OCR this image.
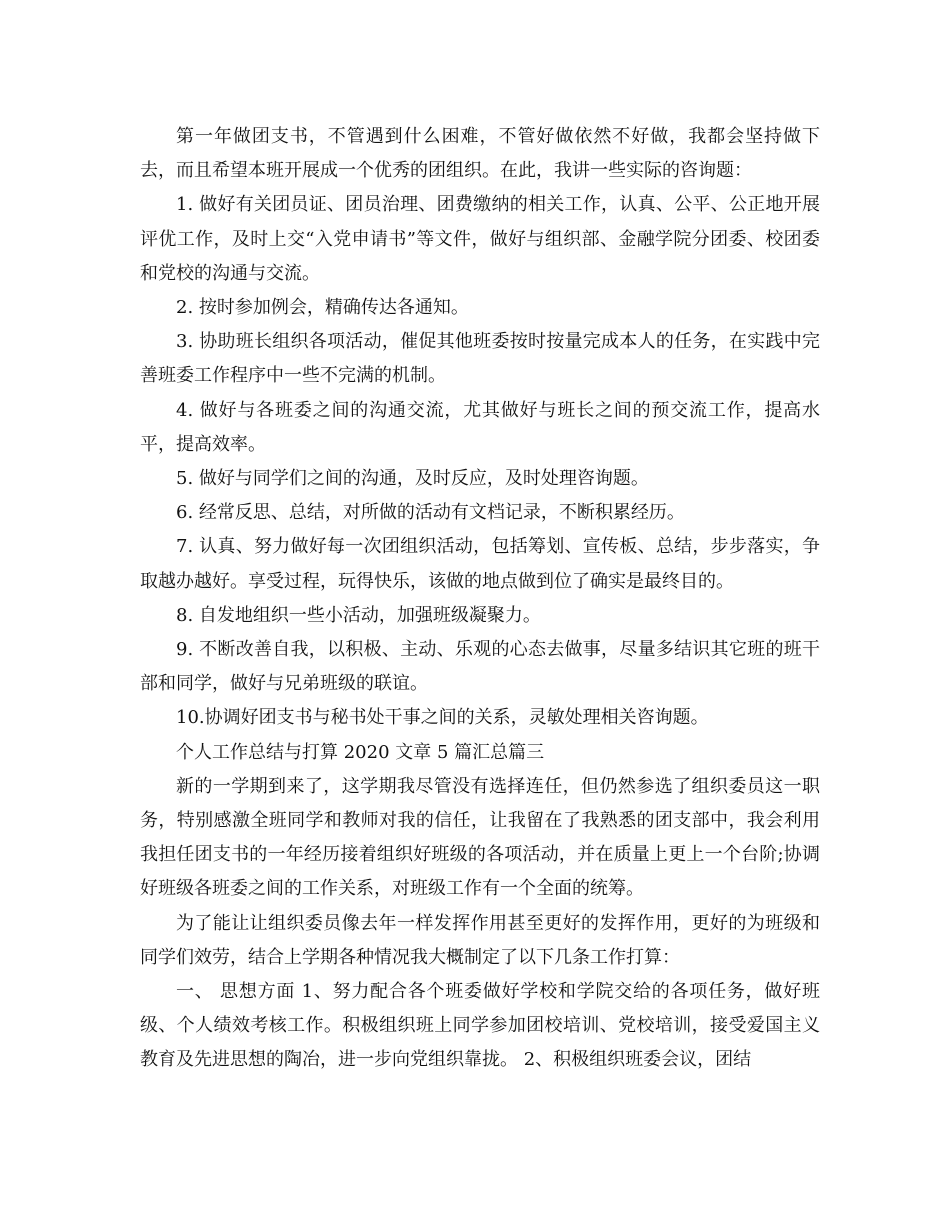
第一年做团支书，不管遇到什么困难，不管好做依然不好做，我都会坚持做下去，而且希望本班开展成一个优秀的团组织。在此，我讲一些实际的咨询题：

1. 做好有关团员证、团员治理、团费缴纳的相关工作，认真、公平、公正地开展评优工作，及时上交“入党申请书”等文件，做好与组织部、金融学院分团委、校团委和党校的沟通与交流。

2. 按时参加例会，精确传达各通知。

3. 协助班长组织各项活动，催促其他班委按时按量完成本人的任务，在实践中完善班委工作程序中一些不完满的机制。

4. 做好与各班委之间的沟通交流，尤其做好与班长之间的预交流工作，提高水平，提高效率。

5. 做好与同学们之间的沟通，及时反应，及时处理咨询题。

6. 经常反思、总结，对所做的活动有文档记录，不断积累经历。

7. 认真、努力做好每一次团组织活动，包括筹划、宣传板、总结，步步落实，争取越办越好。享受过程，玩得快乐，该做的地点做到位了确实是最终目的。

8. 自发地组织一些小活动，加强班级凝聚力。

9. 不断改善自我，以积极、主动、乐观的心态去做事，尽量多结识其它班的班干部和同学，做好与兄弟班级的联谊。

10.协调好团支书与秘书处干事之间的关系，灵敏处理相关咨询题。

个人工作总结与打算 2020 文章 5 篇汇总篇三

新的一学期到来了，这学期我尽管没有选择连任，但仍然参选了组织委员这一职务，特别感激全班同学和教师对我的信任，让我留在了我熟悉的团支部中，我会利用我担任团支书的一年经历接着组织好班级的各项活动，并在质量上更上一个台阶;协调好班级各班委之间的工作关系，对班级工作有一个全面的统筹。

为了能让让组织委员像去年一样发挥作用甚至更好的发挥作用，更好的为班级和同学们效劳，结合上学期各种情况我大概制定了以下几条工作打算：

一、 思想方面 1、努力配合各个班委做好学校和学院交给的各项任务，做好班级、个人绩效考核工作。积极组织班上同学参加团校培训、党校培训，接受爱国主义教育及先进思想的陶冶，进一步向党组织靠拢。 2、积极组织班委会议，团结
